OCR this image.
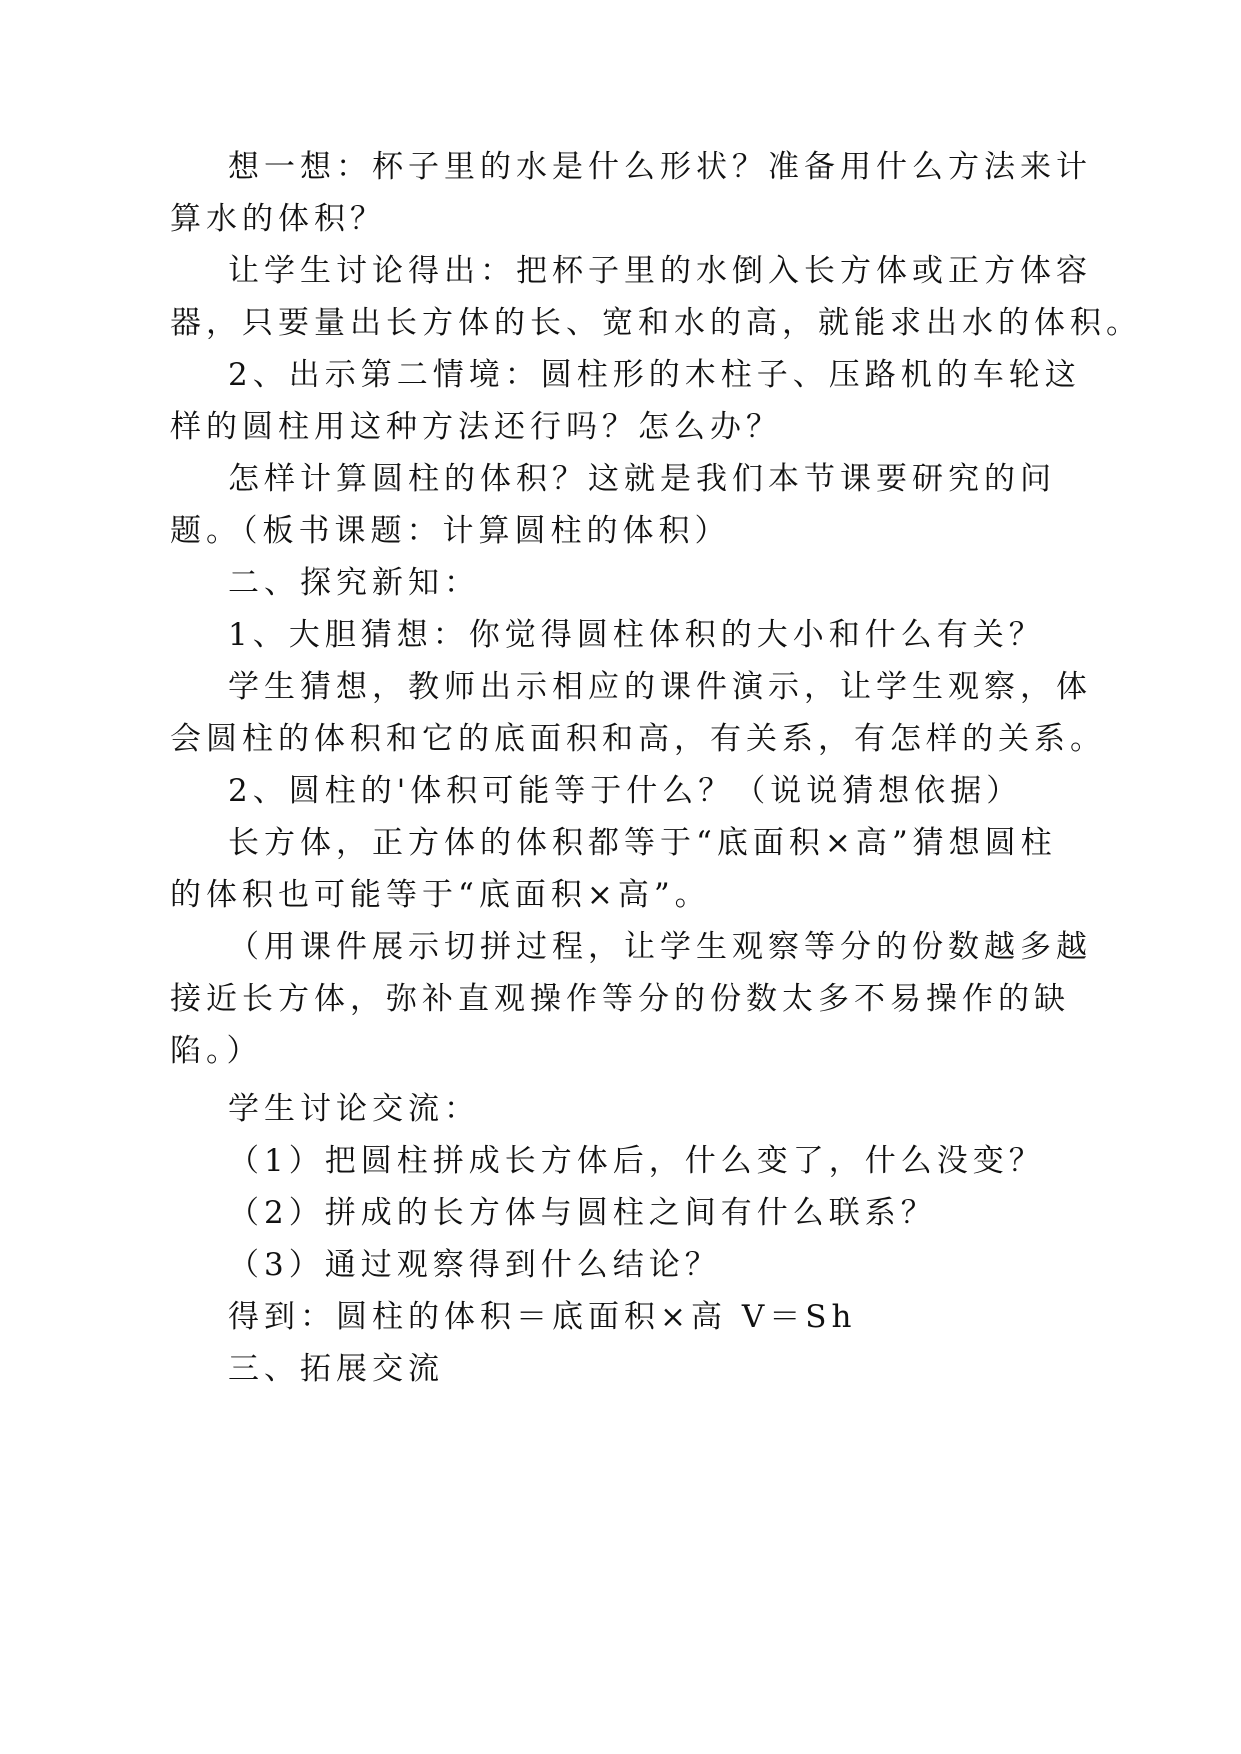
想一想：杯子里的水是什么形状？准备用什么方法来计
算水的体积？
让学生讨论得出：把杯子里的水倒入长方体或正方体容
器，只要量出长方体的长、宽和水的高，就能求出水的体积。
2、出示第二情境：圆柱形的木柱子、压路机的车轮这
样的圆柱用这种方法还行吗？怎么办？
怎样计算圆柱的体积？这就是我们本节课要研究的问
题。（板书课题：计算圆柱的体积）
二、探究新知：
1、大胆猜想：你觉得圆柱体积的大小和什么有关？
学生猜想，教师出示相应的课件演示，让学生观察，体
会圆柱的体积和它的底面积和高，有关系，有怎样的关系。
2、圆柱的'体积可能等于什么？（说说猜想依据）
长方体，正方体的体积都等于“底面积×高”猜想圆柱
的体积也可能等于“底面积×高”。
（用课件展示切拼过程，让学生观察等分的份数越多越
接近长方体，弥补直观操作等分的份数太多不易操作的缺
陷。）
学生讨论交流：
（1）把圆柱拼成长方体后，什么变了，什么没变？
（2）拼成的长方体与圆柱之间有什么联系？
（3）通过观察得到什么结论？
得到：圆柱的体积＝底面积×高 V＝Sh
三、拓展交流
